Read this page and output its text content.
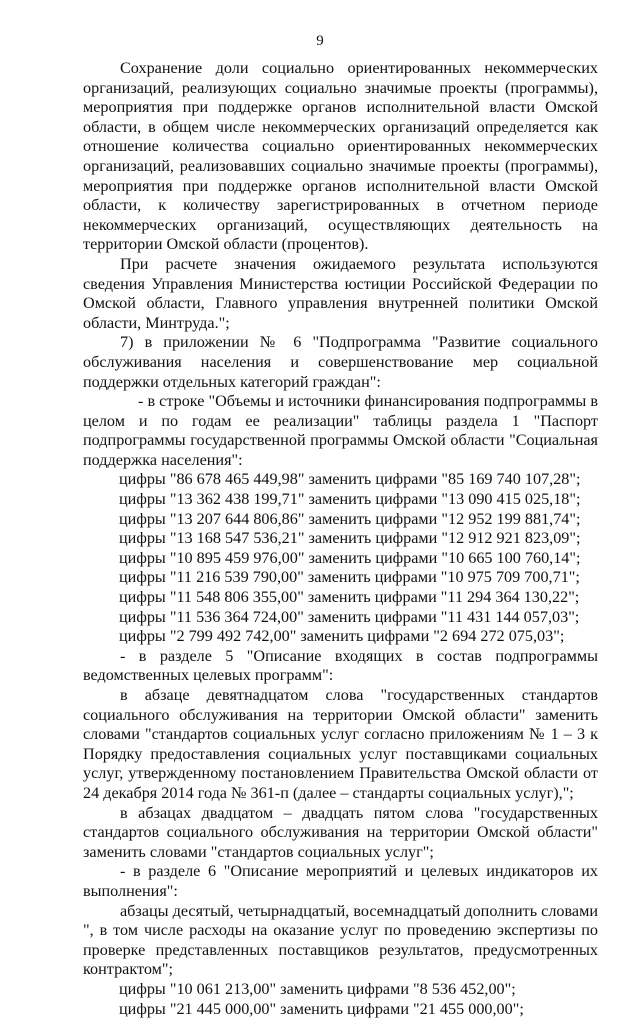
9

Сохранение доли социально ориентированных некоммерческих организаций, реализующих социально значимые проекты (программы), мероприятия при поддержке органов исполнительной власти Омской области, в общем числе некоммерческих организаций определяется как отношение количества социально ориентированных некоммерческих организаций, реализовавших социально значимые проекты (программы), мероприятия при поддержке органов исполнительной власти Омской области, к количеству зарегистрированных в отчетном периоде некоммерческих организаций, осуществляющих деятельность на территории Омской области (процентов).

При расчете значения ожидаемого результата используются сведения Управления Министерства юстиции Российской Федерации по Омской области, Главного управления внутренней политики Омской области, Минтруда.";

7) в приложении № 6 "Подпрограмма "Развитие социального обслуживания населения и совершенствование мер социальной поддержки отдельных категорий граждан":

- в строке "Объемы и источники финансирования подпрограммы в целом и по годам ее реализации" таблицы раздела 1 "Паспорт подпрограммы государственной программы Омской области "Социальная поддержка населения":

цифры "86 678 465 449,98" заменить цифрами "85 169 740 107,28";

цифры "13 362 438 199,71" заменить цифрами "13 090 415 025,18";

цифры "13 207 644 806,86" заменить цифрами "12 952 199 881,74";

цифры "13 168 547 536,21" заменить цифрами "12 912 921 823,09";

цифры "10 895 459 976,00" заменить цифрами "10 665 100 760,14";

цифры "11 216 539 790,00" заменить цифрами "10 975 709 700,71";

цифры "11 548 806 355,00" заменить цифрами "11 294 364 130,22";

цифры "11 536 364 724,00" заменить цифрами "11 431 144 057,03";

цифры "2 799 492 742,00" заменить цифрами "2 694 272 075,03";

- в разделе 5 "Описание входящих в состав подпрограммы ведомственных целевых программ":

в абзаце девятнадцатом слова "государственных стандартов социального обслуживания на территории Омской области" заменить словами "стандартов социальных услуг согласно приложениям № 1 – 3 к Порядку предоставления социальных услуг поставщиками социальных услуг, утвержденному постановлением Правительства Омской области от 24 декабря 2014 года № 361-п (далее – стандарты социальных услуг),";

в абзацах двадцатом – двадцать пятом слова "государственных стандартов социального обслуживания на территории Омской области" заменить словами "стандартов социальных услуг";

- в разделе 6 "Описание мероприятий и целевых индикаторов их выполнения":

абзацы десятый, четырнадцатый, восемнадцатый дополнить словами ", в том числе расходы на оказание услуг по проведению экспертизы по проверке представленных поставщиков результатов, предусмотренных контрактом";

цифры "10 061 213,00" заменить цифрами "8 536 452,00";

цифры "21 445 000,00" заменить цифрами "21 455 000,00";
